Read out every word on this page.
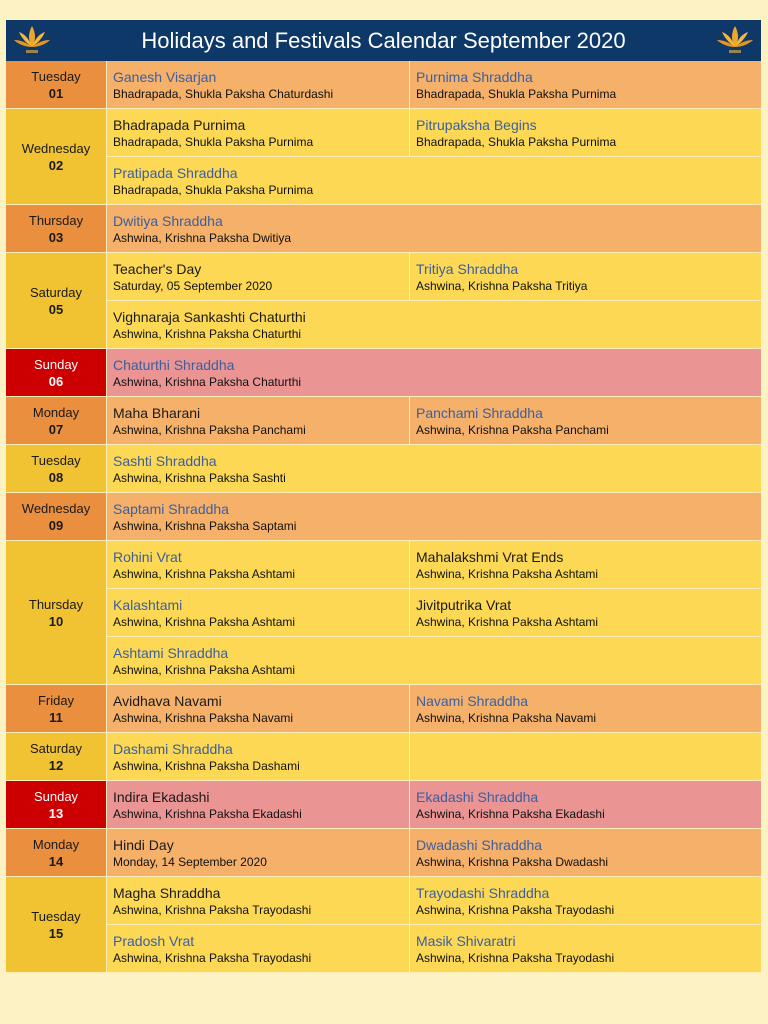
Holidays and Festivals Calendar September 2020
Tuesday
01
Ganesh Visarjan
Bhadrapada, Shukla Paksha Chaturdashi
Purnima Shraddha
Bhadrapada, Shukla Paksha Purnima
Wednesday
02
Bhadrapada Purnima
Bhadrapada, Shukla Paksha Purnima
Pitrupaksha Begins
Bhadrapada, Shukla Paksha Purnima
Pratipada Shraddha
Bhadrapada, Shukla Paksha Purnima
Thursday
03
Dwitiya Shraddha
Ashwina, Krishna Paksha Dwitiya
Saturday
05
Teacher's Day
Saturday, 05 September 2020
Tritiya Shraddha
Ashwina, Krishna Paksha Tritiya
Vighnaraja Sankashti Chaturthi
Ashwina, Krishna Paksha Chaturthi
Sunday
06
Chaturthi Shraddha
Ashwina, Krishna Paksha Chaturthi
Monday
07
Maha Bharani
Ashwina, Krishna Paksha Panchami
Panchami Shraddha
Ashwina, Krishna Paksha Panchami
Tuesday
08
Sashti Shraddha
Ashwina, Krishna Paksha Sashti
Wednesday
09
Saptami Shraddha
Ashwina, Krishna Paksha Saptami
Thursday
10
Rohini Vrat
Ashwina, Krishna Paksha Ashtami
Mahalakshmi Vrat Ends
Ashwina, Krishna Paksha Ashtami
Kalashtami
Ashwina, Krishna Paksha Ashtami
Jivitputrika Vrat
Ashwina, Krishna Paksha Ashtami
Ashtami Shraddha
Ashwina, Krishna Paksha Ashtami
Friday
11
Avidhava Navami
Ashwina, Krishna Paksha Navami
Navami Shraddha
Ashwina, Krishna Paksha Navami
Saturday
12
Dashami Shraddha
Ashwina, Krishna Paksha Dashami
Sunday
13
Indira Ekadashi
Ashwina, Krishna Paksha Ekadashi
Ekadashi Shraddha
Ashwina, Krishna Paksha Ekadashi
Monday
14
Hindi Day
Monday, 14 September 2020
Dwadashi Shraddha
Ashwina, Krishna Paksha Dwadashi
Tuesday
15
Magha Shraddha
Ashwina, Krishna Paksha Trayodashi
Trayodashi Shraddha
Ashwina, Krishna Paksha Trayodashi
Pradosh Vrat
Ashwina, Krishna Paksha Trayodashi
Masik Shivaratri
Ashwina, Krishna Paksha Trayodashi
